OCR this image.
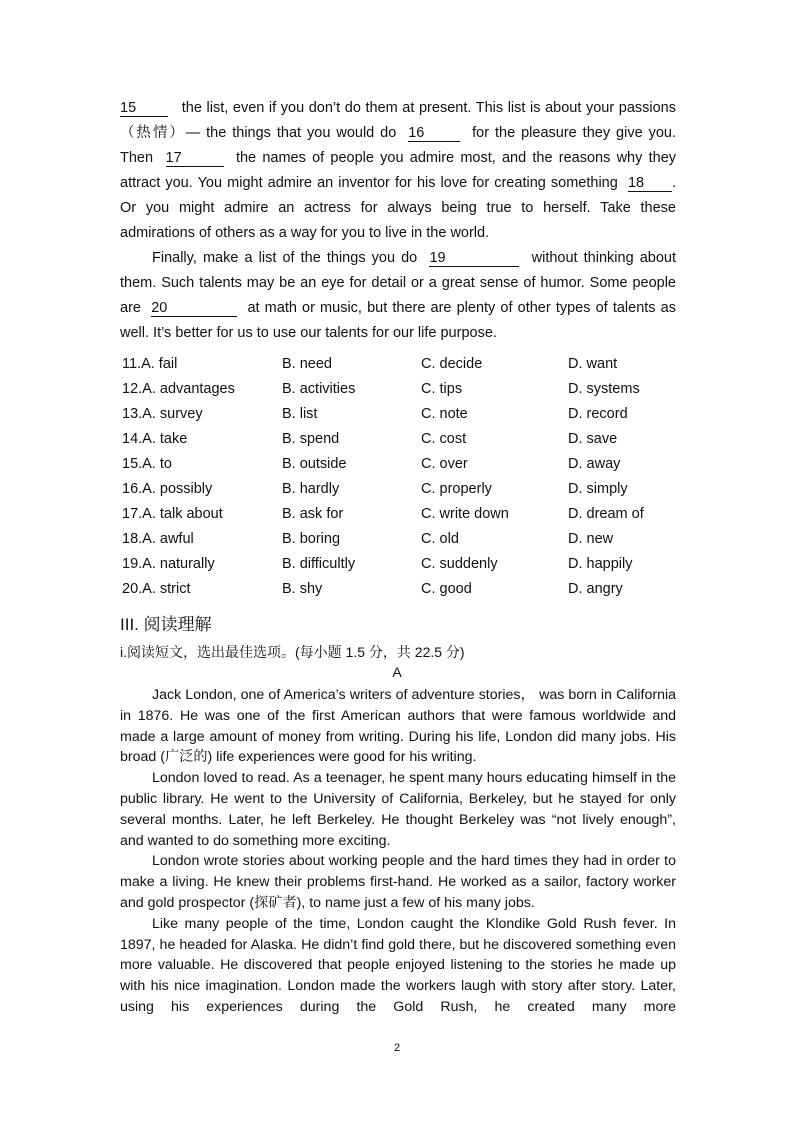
15	the list, even if you don’t do them at present. This list is about your passions （热情）— the things that you would do 16	for the pleasure they give you. Then 17	the names of people you admire most, and the reasons why they attract you. You might admire an inventor for his love for creating something 18 . Or you might admire an actress for always being true to herself. Take these admirations of others as a way for you to live in the world.

Finally, make a list of the things you do 19	without thinking about them. Such talents may be an eye for detail or a great sense of humor. Some people are 20	at math or music, but there are plenty of other types of talents as well. It’s better for us to use our talents for our life purpose.

11.A. fail	B. need	C. decide	D. want
12.A. advantages	B. activities	C. tips	D. systems
13.A. survey	B. list	C. note	D. record
14.A. take	B. spend	C. cost	D. save
15.A. to	B. outside	C. over	D. away
16.A. possibly	B. hardly	C. properly	D. simply
17.A. talk about	B. ask for	C. write down	D. dream of
18.A. awful	B. boring	C. old	D. new
19.A. naturally	B. difficultly	C. suddenly	D. happily
20.A. strict	B. shy	C. good	D. angry
III. 阅读理解
i.阅读短文，选出最佳选项。(每小题 1.5 分，共 22.5 分)
A

Jack London, one of America’s writers of adventure stories， was born in California in 1876. He was one of the first American authors that were famous worldwide and made a large amount of money from writing. During his life, London did many jobs. His broad (广泛的) life experiences were good for his writing.

London loved to read. As a teenager, he spent many hours educating himself in the public library. He went to the University of California, Berkeley, but he stayed for only several months. Later, he left Berkeley. He thought Berkeley was “not lively enough”, and wanted to do something more exciting.

London wrote stories about working people and the hard times they had in order to make a living. He knew their problems first-hand. He worked as a sailor, factory worker and gold prospector (探矿者), to name just a few of his many jobs.

Like many people of the time, London caught the Klondike Gold Rush fever. In 1897, he headed for Alaska. He didn’t find gold there, but he discovered something even more valuable. He discovered that people enjoyed listening to the stories he made up with his nice imagination. London made the workers laugh with story after story. Later, using his experiences during the Gold Rush, he created many more

2
